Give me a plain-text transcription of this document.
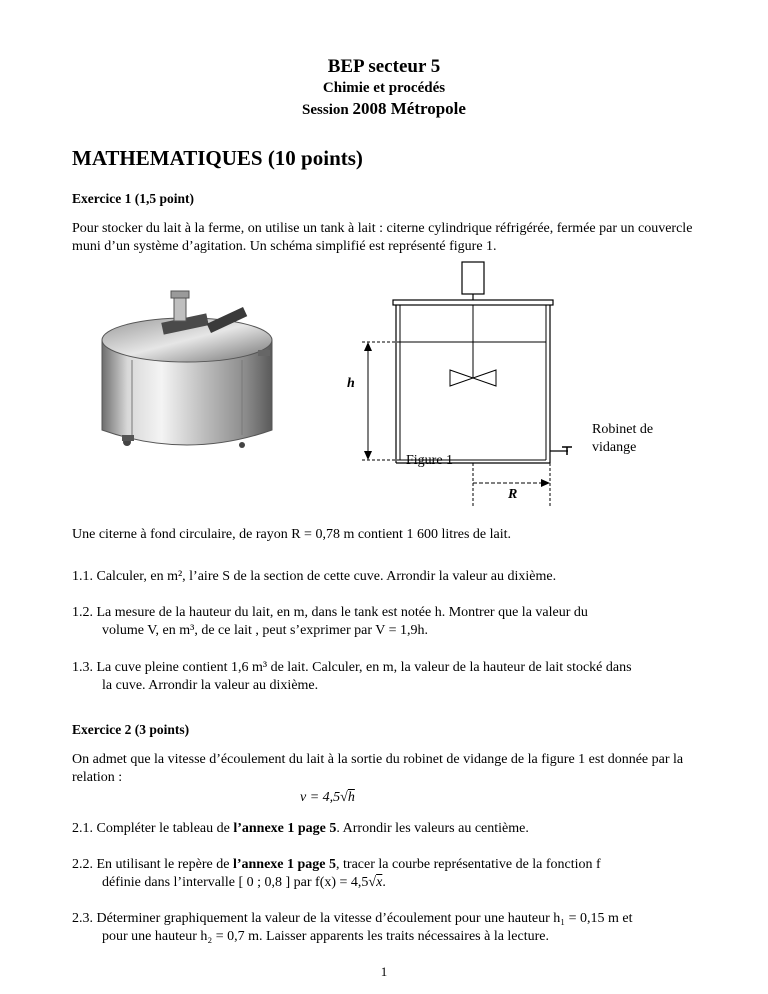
BEP secteur 5
Chimie et procédés
Session 2008 Métropole
MATHEMATIQUES (10 points)
Exercice 1 (1,5 point)
Pour stocker du lait à la ferme, on utilise un tank à lait : citerne cylindrique réfrigérée, fermée par un couvercle muni d’un système d’agitation. Un schéma simplifié est représenté figure 1.
h
R
Figure 1
Robinet de
vidange
Une citerne à fond circulaire, de rayon R = 0,78 m contient 1 600 litres de lait.
1.1. Calculer, en m², l’aire S de la section de cette cuve. Arrondir la valeur au dixième.
1.2. La mesure de la hauteur du lait, en m, dans le tank est notée h. Montrer que la valeur du
volume V, en m³, de ce lait , peut s’exprimer par V = 1,9h.
1.3. La cuve pleine contient 1,6 m³ de lait. Calculer, en m, la valeur de la hauteur de lait stocké dans
la cuve. Arrondir la valeur au dixième.
Exercice 2 (3 points)
On admet que la vitesse d’écoulement du lait à la sortie du robinet de vidange de la figure 1 est donnée par la relation :
v = 4,5√h
2.1. Compléter le tableau de l’annexe 1 page 5. Arrondir les valeurs au centième.
2.2. En utilisant le repère de l’annexe 1 page 5, tracer la courbe représentative de la fonction f
définie dans l’intervalle [ 0 ; 0,8 ] par f(x) = 4,5√x.
2.3. Déterminer graphiquement la valeur de la vitesse d’écoulement pour une hauteur h₁ = 0,15 m et
pour une hauteur h₂ = 0,7 m. Laisser apparents les traits nécessaires à la lecture.
1
